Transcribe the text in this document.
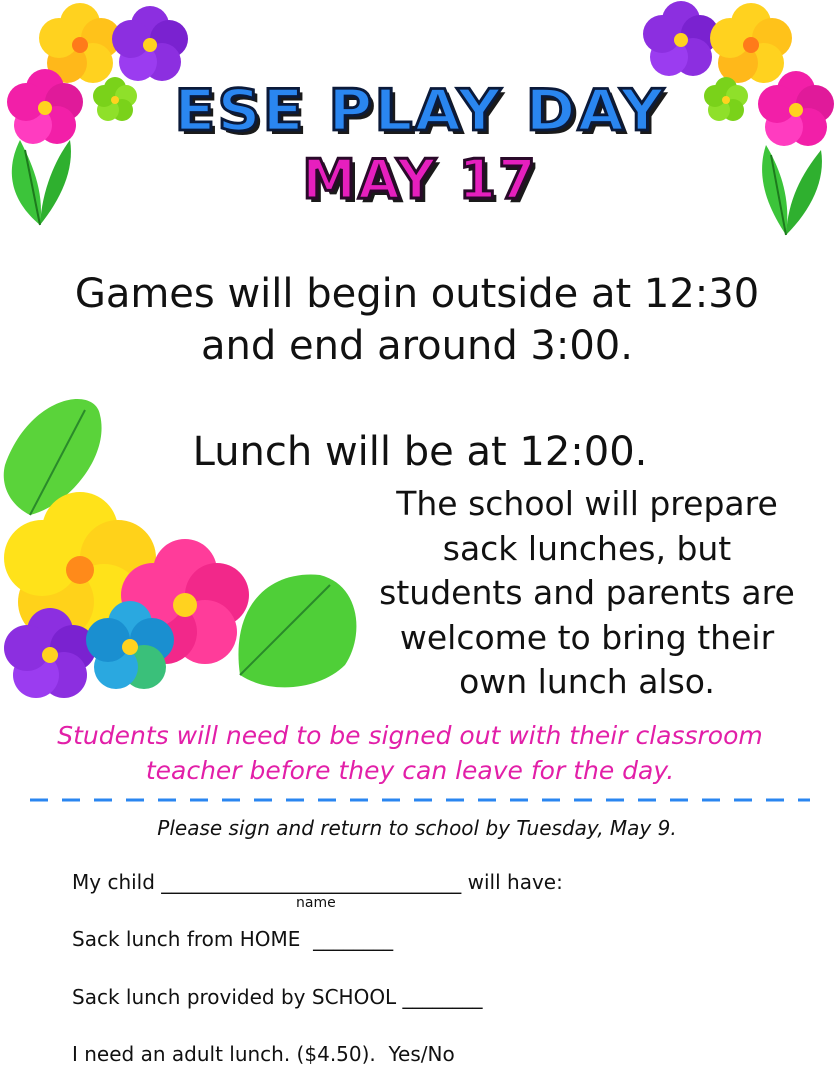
ESE PLAY DAY
MAY 17
Games will begin outside at 12:30
and end around 3:00.
Lunch will be at 12:00.
The school will prepare
sack lunches, but
students and parents are
welcome to bring their
own lunch also.
Students will need to be signed out with their classroom
teacher before they can leave for the day.
Please sign and return to school by Tuesday, May 9.
My child ______________________________ will have:
name
Sack lunch from HOME  ________
Sack lunch provided by SCHOOL ________
I need an adult lunch. ($4.50).  Yes/No
